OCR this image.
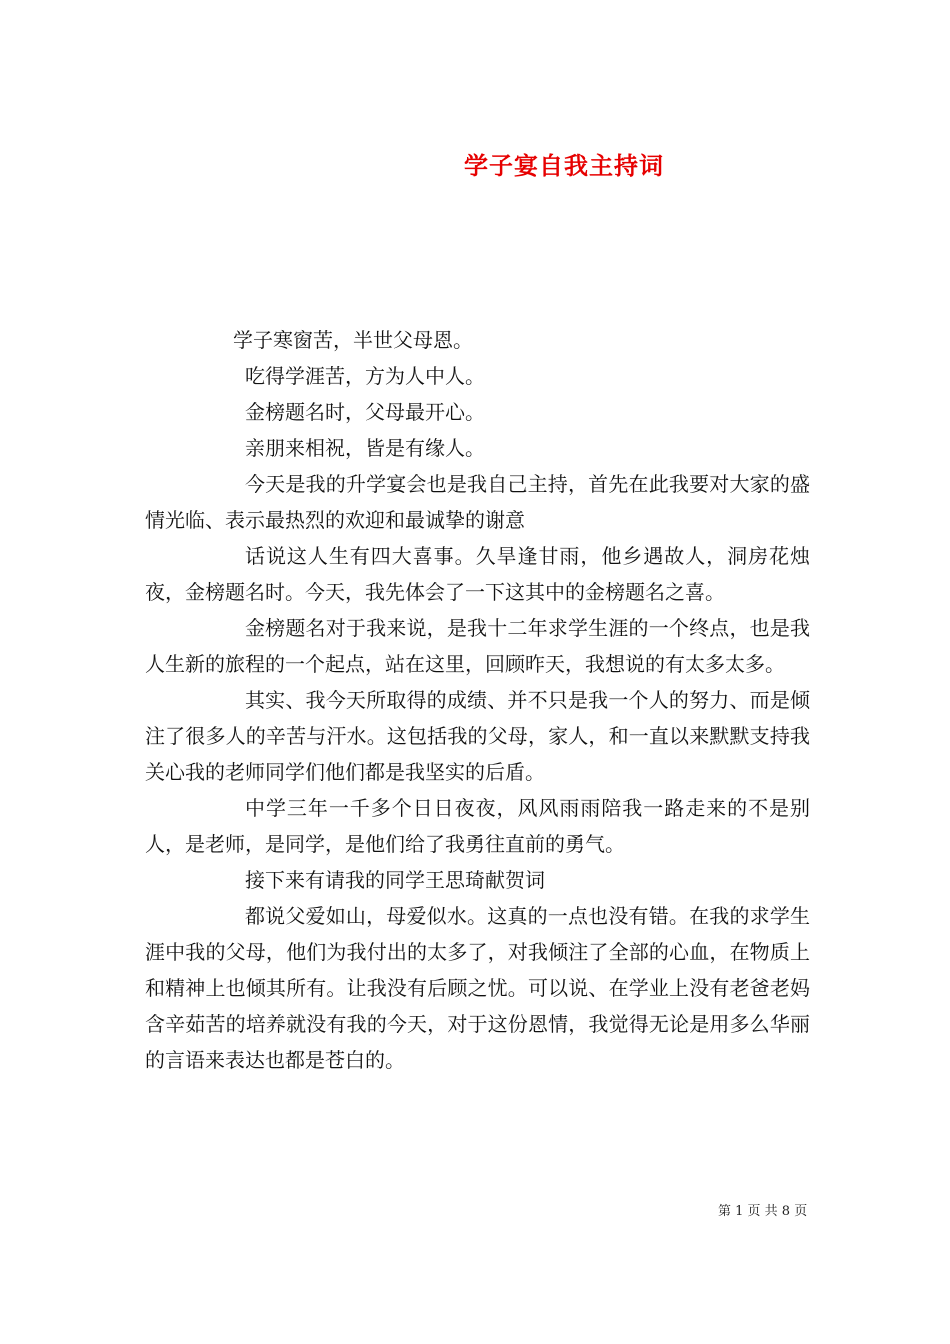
学子宴自我主持词

学子寒窗苦，半世父母恩。

吃得学涯苦，方为人中人。

金榜题名时，父母最开心。

亲朋来相祝，皆是有缘人。

今天是我的升学宴会也是我自己主持，首先在此我要对大家的盛情光临、表示最热烈的欢迎和最诚挚的谢意

话说这人生有四大喜事。久旱逢甘雨，他乡遇故人，洞房花烛夜，金榜题名时。今天，我先体会了一下这其中的金榜题名之喜。

金榜题名对于我来说，是我十二年求学生涯的一个终点，也是我人生新的旅程的一个起点，站在这里，回顾昨天，我想说的有太多太多。

其实、我今天所取得的成绩、并不只是我一个人的努力、而是倾注了很多人的辛苦与汗水。这包括我的父母，家人，和一直以来默默支持我关心我的老师同学们他们都是我坚实的后盾。

中学三年一千多个日日夜夜，风风雨雨陪我一路走来的不是别人，是老师，是同学，是他们给了我勇往直前的勇气。

接下来有请我的同学王思琦献贺词

都说父爱如山，母爱似水。这真的一点也没有错。在我的求学生涯中我的父母，他们为我付出的太多了，对我倾注了全部的心血，在物质上和精神上也倾其所有。让我没有后顾之忧。可以说、在学业上没有老爸老妈含辛茹苦的培养就没有我的今天，对于这份恩情，我觉得无论是用多么华丽的言语来表达也都是苍白的。

第 1 页 共 8 页
